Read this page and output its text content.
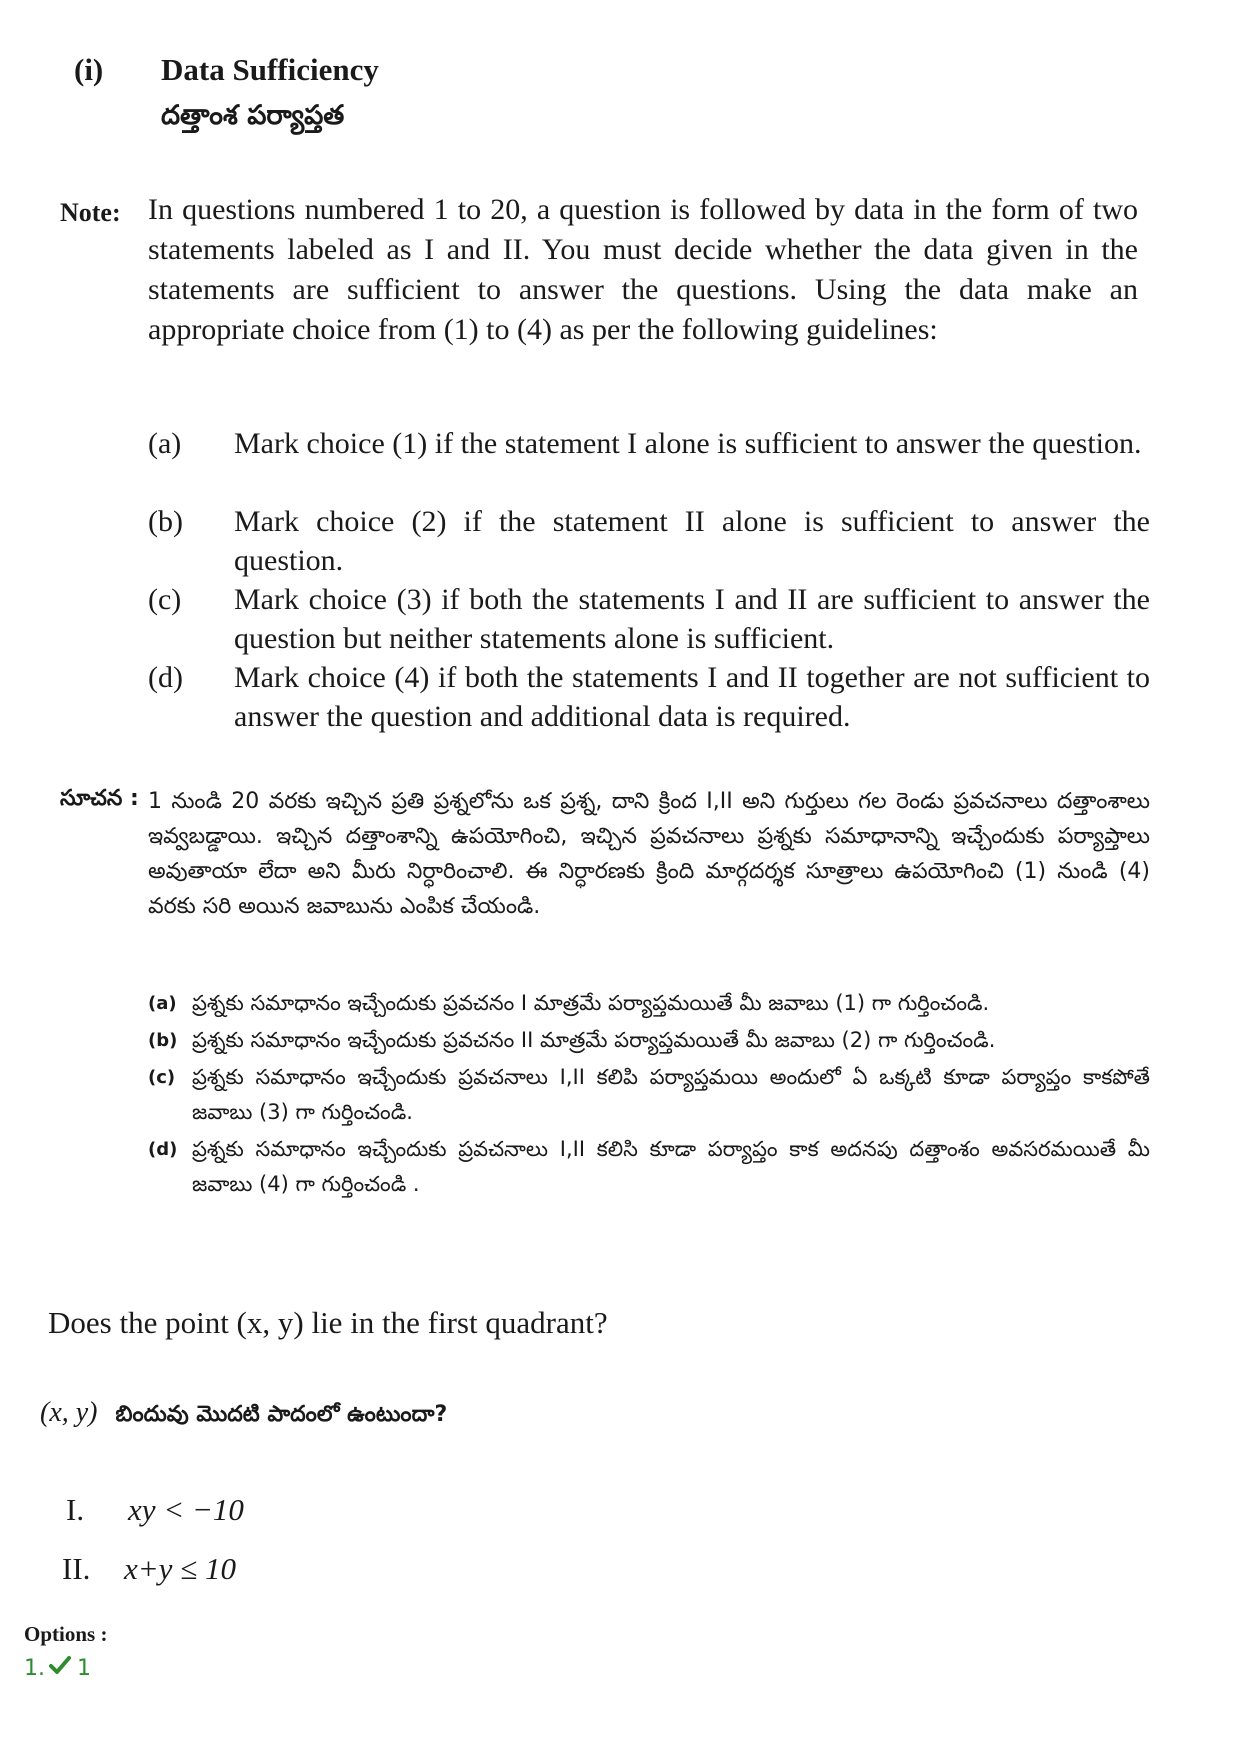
(i) Data Sufficiency
దత్తాంశ పర్యాప్తత
Note: In questions numbered 1 to 20, a question is followed by data in the form of two statements labeled as I and II. You must decide whether the data given in the statements are sufficient to answer the questions. Using the data make an appropriate choice from (1) to (4) as per the following guidelines:
(a) Mark choice (1) if the statement I alone is sufficient to answer the question.
(b) Mark choice (2) if the statement II alone is sufficient to answer the question.
(c) Mark choice (3) if both the statements I and II are sufficient to answer the question but neither statements alone is sufficient.
(d) Mark choice (4) if both the statements I and II together are not sufficient to answer the question and additional data is required.
సూచన : 1 నుండి 20 వరకు ఇచ్చిన ప్రతి ప్రశ్నలోను ఒక ప్రశ్న, దాని క్రింద I,II అని గుర్తులు గల రెండు ప్రవచనాలు దత్తాంశాలు ఇవ్వబడ్డాయి. ఇచ్చిన దత్తాంశాన్ని ఉపయోగించి, ఇచ్చిన ప్రవచనాలు ప్రశ్నకు సమాధానాన్ని ఇచ్చేందుకు పర్యాప్తాలు అవుతాయా లేదా అని మీరు నిర్ధారించాలి. ఈ నిర్ధారణకు క్రింది మార్గదర్శక సూత్రాలు ఉపయోగించి (1) నుండి (4) వరకు సరి అయిన జవాబును ఎంపిక చేయండి.
(a) ప్రశ్నకు సమాధానం ఇచ్చేందుకు ప్రవచనం I మాత్రమే పర్యాప్తమయితే మీ జవాబు (1) గా గుర్తించండి.
(b) ప్రశ్నకు సమాధానం ఇచ్చేందుకు ప్రవచనం II మాత్రమే పర్యాప్తమయితే మీ జవాబు (2) గా గుర్తించండి.
(c) ప్రశ్నకు సమాధానం ఇచ్చేందుకు ప్రవచనాలు I,II కలిపి పర్యాప్తమయి అందులో ఏ ఒక్కటి కూడా పర్యాప్తం కాకపోతే జవాబు (3) గా గుర్తించండి.
(d) ప్రశ్నకు సమాధానం ఇచ్చేందుకు ప్రవచనాలు I,II కలిసి కూడా పర్యాప్తం కాక అదనపు దత్తాంశం అవసరమయితే మీ జవాబు (4) గా గుర్తించండి .
Does the point (x, y) lie in the first quadrant?
(x, y) బిందువు మొదటి పాదంలో ఉంటుందా?
I. xy < −10
II. x+y ≤ 10
Options :
1. 1
